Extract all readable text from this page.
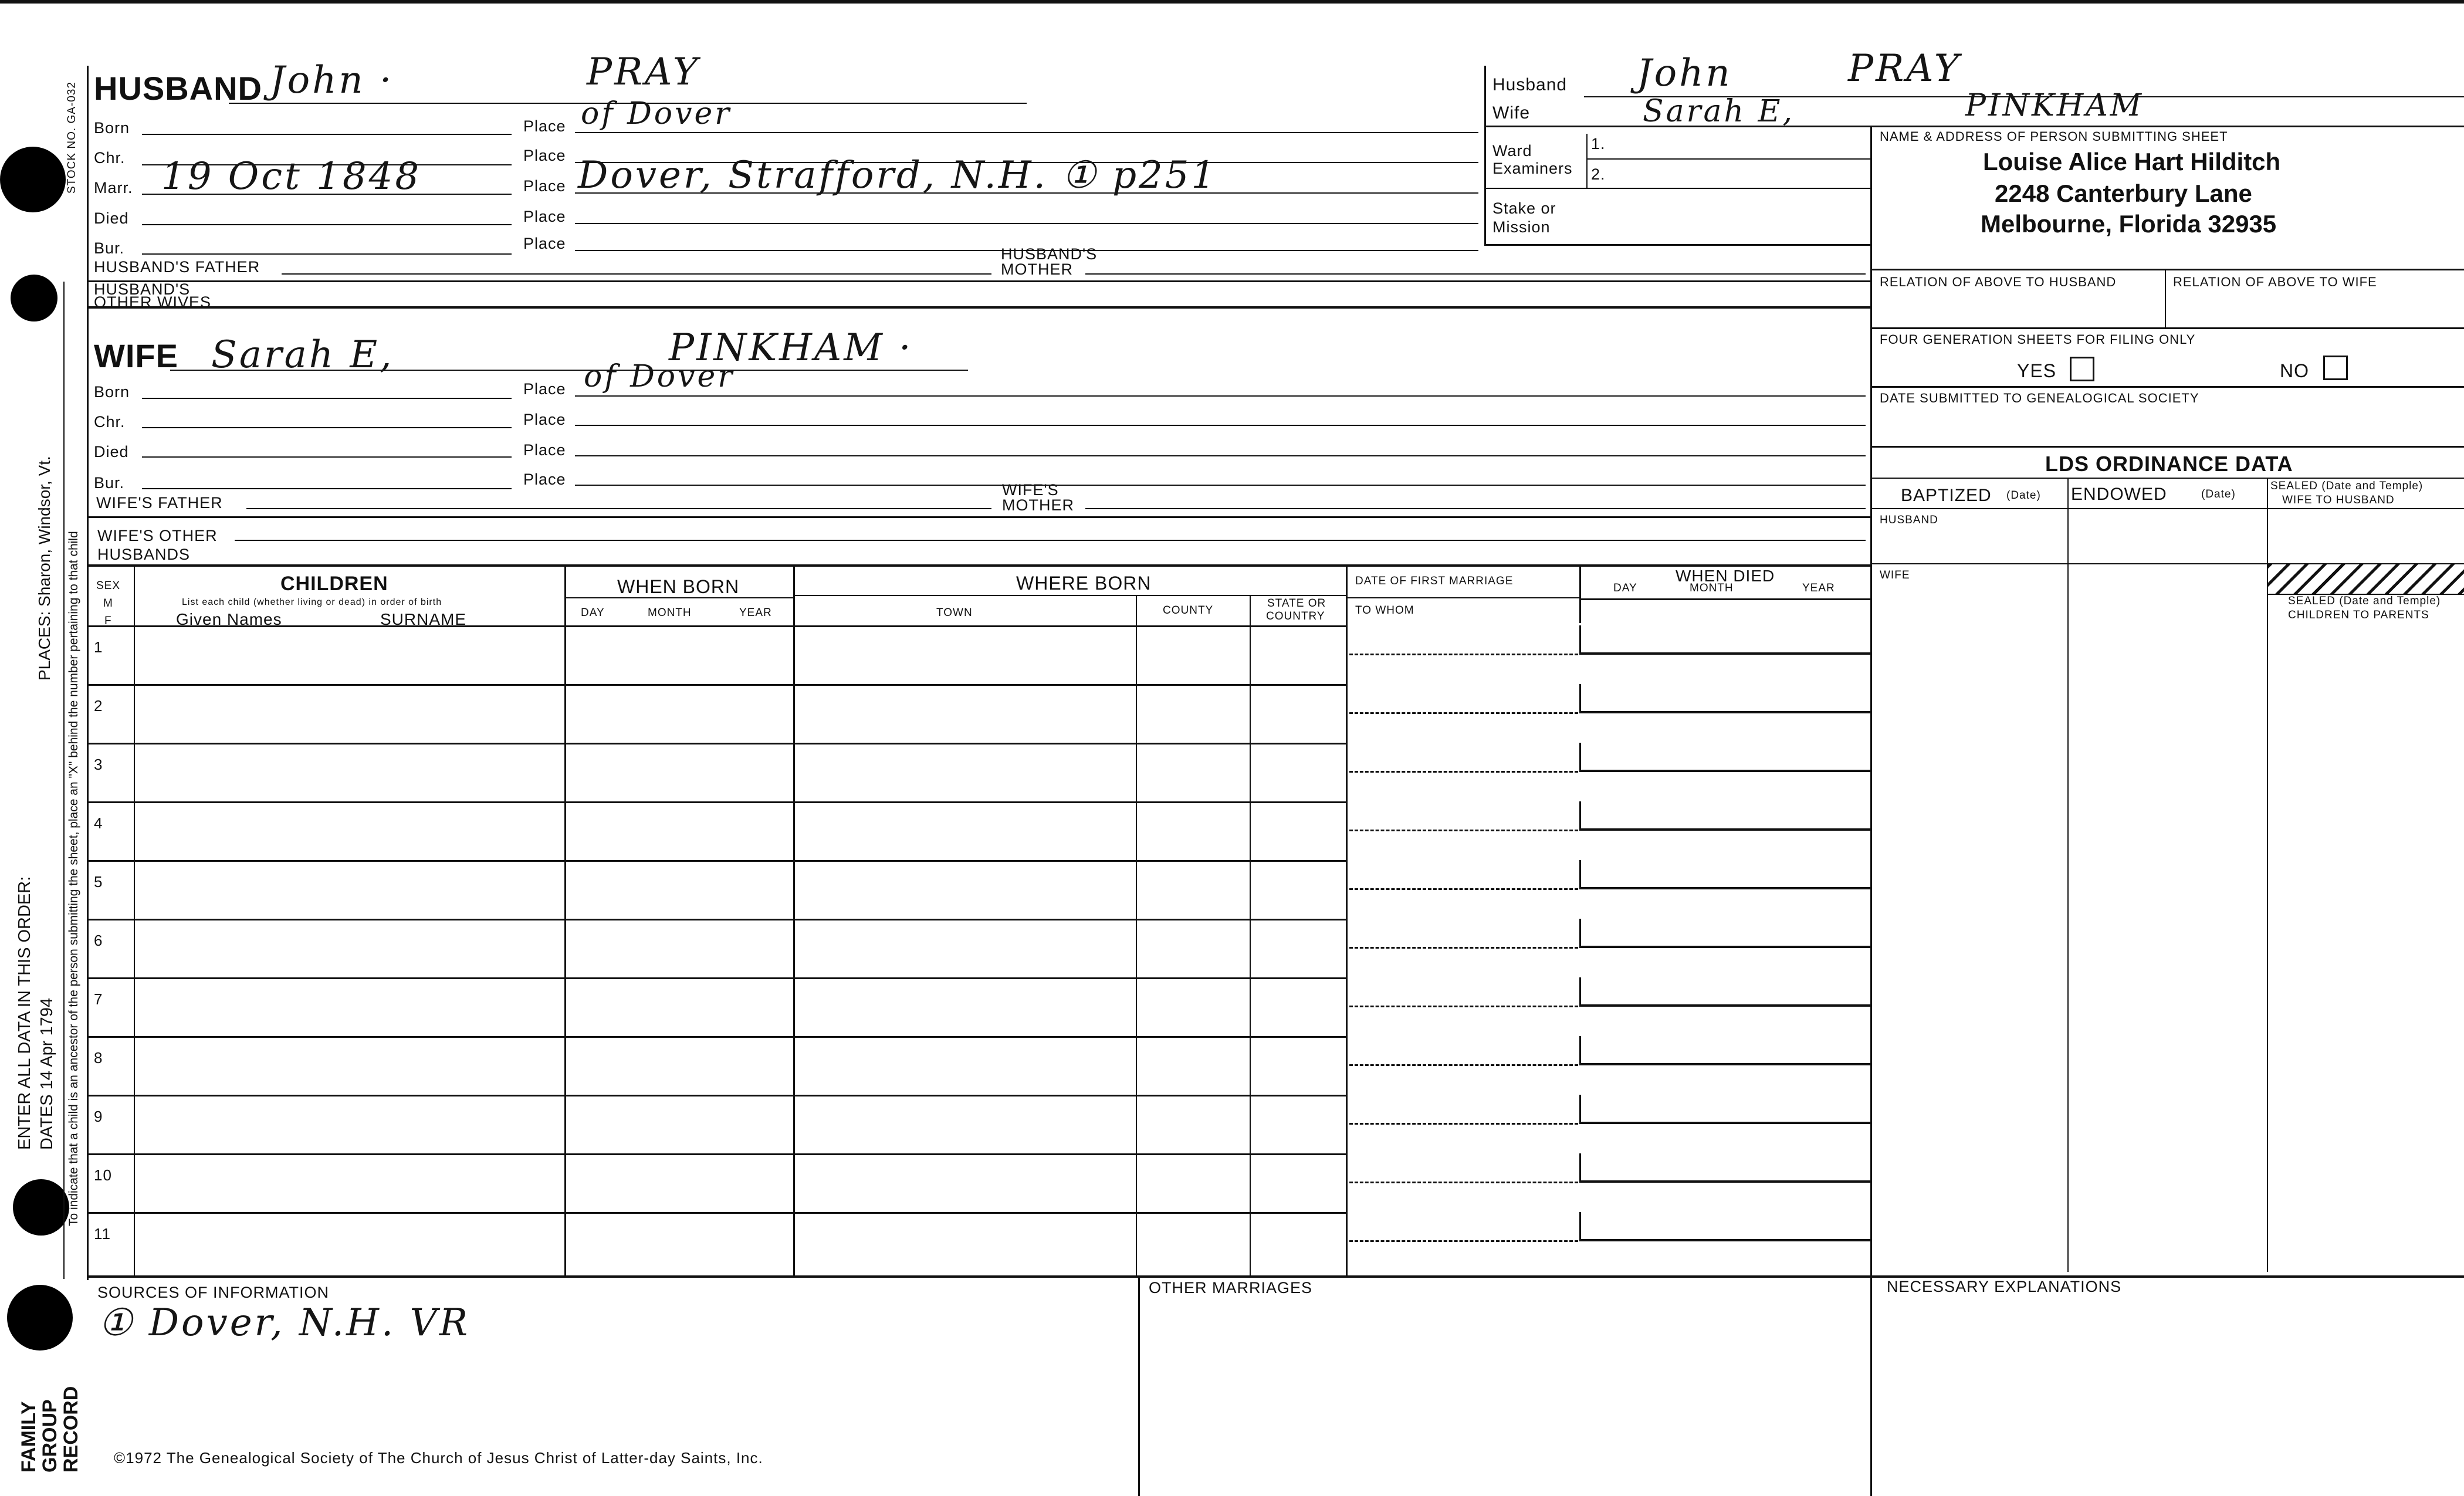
STOCK NO. GA-032
To indicate that a child is an ancestor of the person submitting the sheet, place an "X" behind the number pertaining to that child
PLACES: Sharon, Windsor, Vt.
ENTER ALL DATA IN THIS ORDER: DATES 14 Apr 1794
FAMILY
GROUP
RECORD
HUSBAND John ·	PRAY
Born	Place of Dover
Chr.	Place
Marr. 19 Oct 1848	Place Dover, Strafford, N.H. ① p251
Died	Place
Bur.	Place
HUSBAND'S FATHER
HUSBAND'S
MOTHER
HUSBAND'S
OTHER WIVES
WIFE Sarah E,	PINKHAM ·
Born	Place of Dover
Chr.	Place
Died	Place
Bur.	Place
WIFE'S FATHER
WIFE'S
MOTHER
WIFE'S OTHER
HUSBANDS
Husband John	PRAY
Wife	Sarah E,	PINKHAM
Ward
Examiners
1.
2.
Stake or
Mission
NAME & ADDRESS OF PERSON SUBMITTING SHEET
Louise Alice Hart Hilditch
2248 Canterbury Lane
Melbourne, Florida 32935
RELATION OF ABOVE TO HUSBAND	RELATION OF ABOVE TO WIFE
FOUR GENERATION SHEETS FOR FILING ONLY
YES	NO
DATE SUBMITTED TO GENEALOGICAL SOCIETY
LDS ORDINANCE DATA
BAPTIZED (Date) ENDOWED	(Date)
SEALED (Date and Temple)
WIFE TO HUSBAND
HUSBAND
WIFE
SEALED (Date and Temple)
CHILDREN TO PARENTS
SEX
M
F
CHILDREN
List each child (whether living or dead) in order of birth
Given Names	SURNAME
WHEN BORN
DAY	MONTH	YEAR
WHERE BORN
TOWN	COUNTY
STATE OR
COUNTRY
DATE OF FIRST MARRIAGE
TO WHOM
DAY
WHEN DIED
MONTH	YEAR
1
2
3
4
5
6
7
8
9
10
11
SOURCES OF INFORMATION
① Dover, N.H. VR
OTHER MARRIAGES	NECESSARY EXPLANATIONS
©1972 The Genealogical Society of The Church of Jesus Christ of Latter-day Saints, Inc.
